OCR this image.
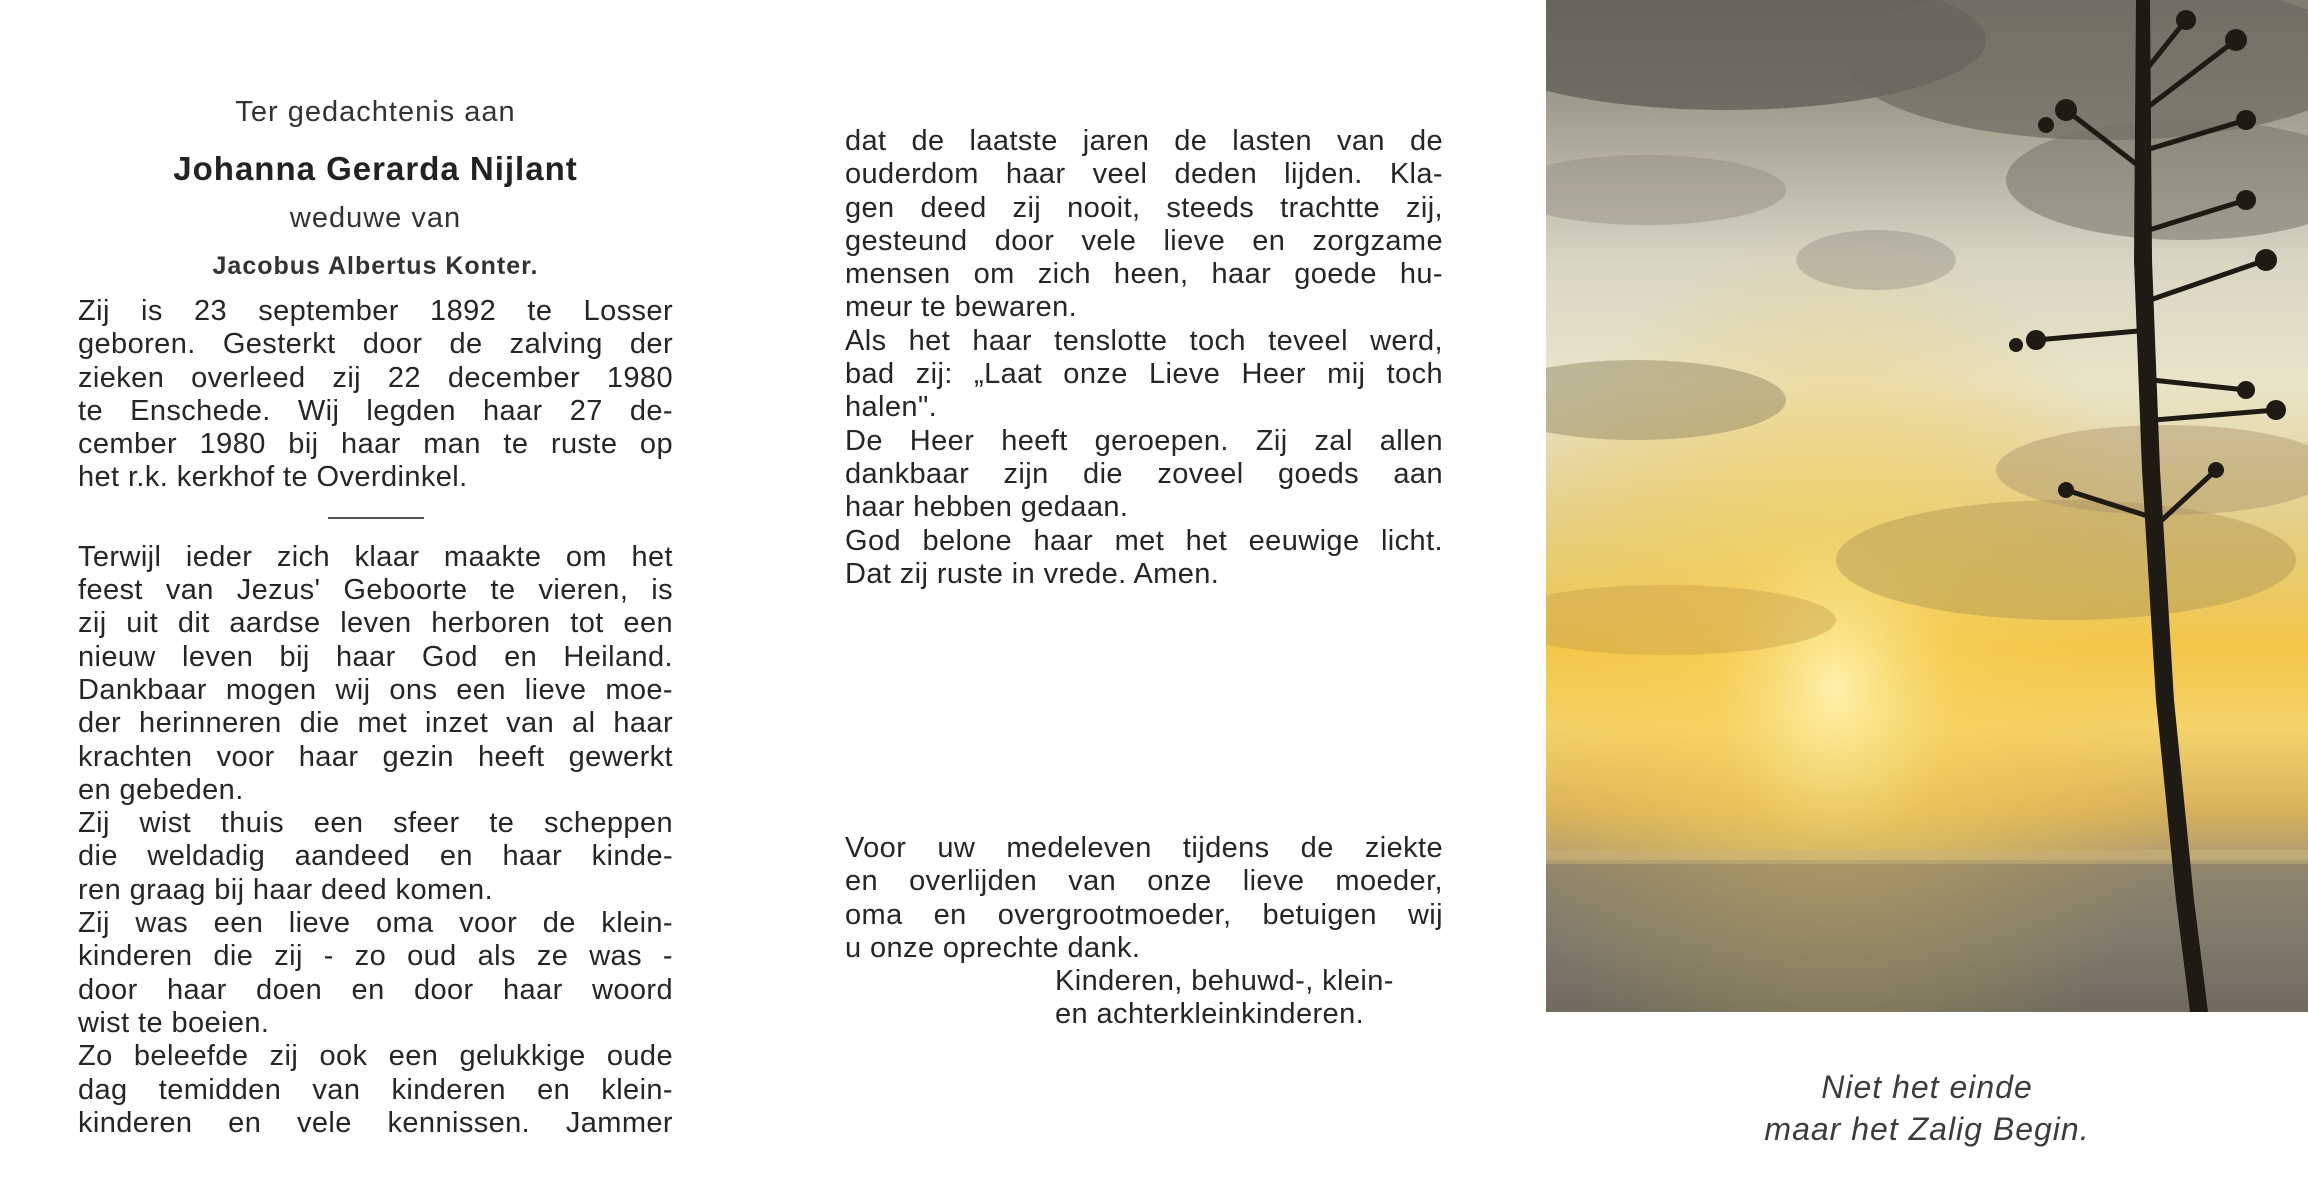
Ter gedachtenis aan
Johanna Gerarda Nijlant
weduwe van
Jacobus Albertus Konter.
Zij is 23 september 1892 te Losser
geboren. Gesterkt door de zalving der
zieken overleed zij 22 december 1980
te Enschede. Wij legden haar 27 de-
cember 1980 bij haar man te ruste op
het r.k. kerkhof te Overdinkel.
Terwijl ieder zich klaar maakte om het
feest van Jezus' Geboorte te vieren, is
zij uit dit aardse leven herboren tot een
nieuw leven bij haar God en Heiland.
Dankbaar mogen wij ons een lieve moe-
der herinneren die met inzet van al haar
krachten voor haar gezin heeft gewerkt
en gebeden.
Zij wist thuis een sfeer te scheppen
die weldadig aandeed en haar kinde-
ren graag bij haar deed komen.
Zij was een lieve oma voor de klein-
kinderen die zij - zo oud als ze was -
door haar doen en door haar woord
wist te boeien.
Zo beleefde zij ook een gelukkige oude
dag temidden van kinderen en klein-
kinderen en vele kennissen. Jammer
dat de laatste jaren de lasten van de
ouderdom haar veel deden lijden. Kla-
gen deed zij nooit, steeds trachtte zij,
gesteund door vele lieve en zorgzame
mensen om zich heen, haar goede hu-
meur te bewaren.
Als het haar tenslotte toch teveel werd,
bad zij: „Laat onze Lieve Heer mij toch
halen".
De Heer heeft geroepen. Zij zal allen
dankbaar zijn die zoveel goeds aan
haar hebben gedaan.
God belone haar met het eeuwige licht.
Dat zij ruste in vrede. Amen.
Voor uw medeleven tijdens de ziekte
en overlijden van onze lieve moeder,
oma en overgrootmoeder, betuigen wij
u onze oprechte dank.
Kinderen, behuwd-, klein-
en achterkleinkinderen.
Niet het einde
maar het Zalig Begin.
